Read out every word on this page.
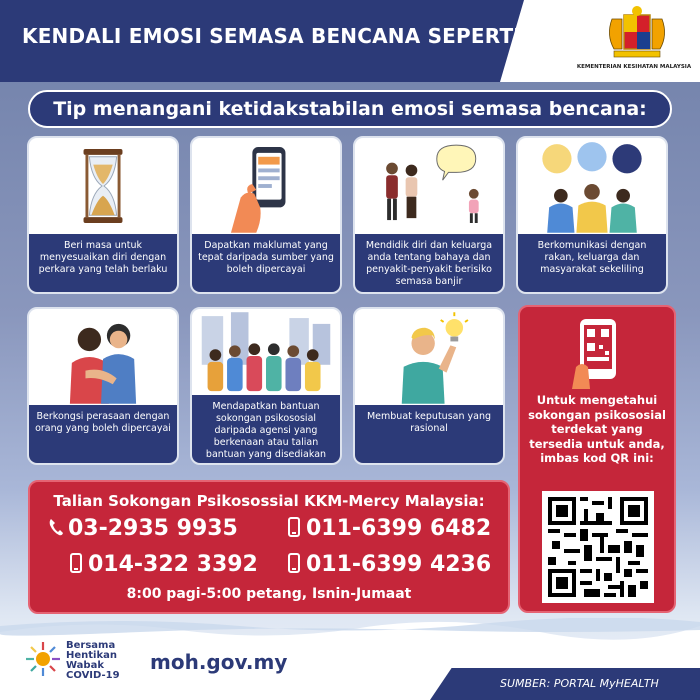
KENDALI EMOSI SEMASA BENCANA SEPERTI BANJIR
KEMENTERIAN KESIHATAN MALAYSIA
Tip menangani ketidakstabilan emosi semasa bencana:
Beri masa untuk menyesuaikan diri dengan perkara yang telah berlaku
Dapatkan maklumat yang tepat daripada sumber yang boleh dipercayai
Mendidik diri dan keluarga anda tentang bahaya dan penyakit-penyakit berisiko semasa banjir
Berkomunikasi dengan rakan, keluarga dan masyarakat sekeliling
Berkongsi perasaan dengan orang yang boleh dipercayai
Mendapatkan bantuan sokongan psikososial daripada agensi yang berkenaan atau talian bantuan yang disediakan
Membuat keputusan yang rasional
Untuk mengetahui sokongan psikososial terdekat yang tersedia untuk anda, imbas kod QR ini:
Talian Sokongan Psikosossial KKM-Mercy Malaysia:
03-2935 9935	011-6399 6482
014-322 3392	011-6399 4236
8:00 pagi-5:00 petang, Isnin-Jumaat
Bersama
Hentikan
Wabak
COVID-19
moh.gov.my
SUMBER: PORTAL MyHEALTH
